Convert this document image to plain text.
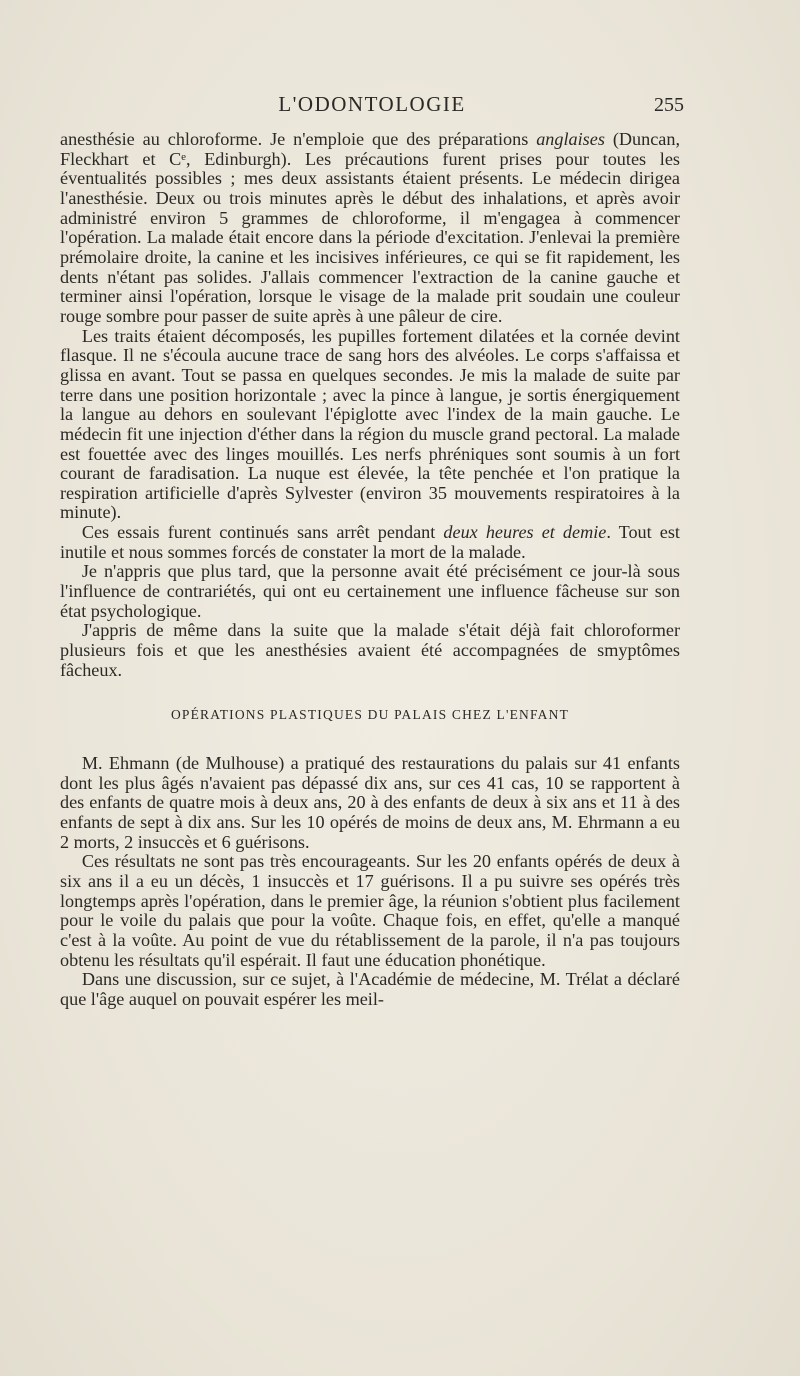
L'ODONTOLOGIE	255

anesthésie au chloroforme. Je n'emploie que des préparations anglaises (Duncan, Fleckhart et Cᵉ, Edinburgh). Les précautions furent prises pour toutes les éventualités possibles ; mes deux assistants étaient présents. Le médecin dirigea l'anesthésie. Deux ou trois minutes après le début des inhalations, et après avoir administré environ 5 grammes de chloroforme, il m'engagea à commencer l'opération. La malade était encore dans la période d'excitation. J'enlevai la première prémolaire droite, la canine et les incisives inférieures, ce qui se fit rapidement, les dents n'étant pas solides. J'allais commencer l'extraction de la canine gauche et terminer ainsi l'opération, lorsque le visage de la malade prit soudain une couleur rouge sombre pour passer de suite après à une pâleur de cire.

Les traits étaient décomposés, les pupilles fortement dilatées et la cornée devint flasque. Il ne s'écoula aucune trace de sang hors des alvéoles. Le corps s'affaissa et glissa en avant. Tout se passa en quelques secondes. Je mis la malade de suite par terre dans une position horizontale ; avec la pince à langue, je sortis énergiquement la langue au dehors en soulevant l'épiglotte avec l'index de la main gauche. Le médecin fit une injection d'éther dans la région du muscle grand pectoral. La malade est fouettée avec des linges mouillés. Les nerfs phréniques sont soumis à un fort courant de faradisation. La nuque est élevée, la tête penchée et l'on pratique la respiration artificielle d'après Sylvester (environ 35 mouvements respiratoires à la minute).

Ces essais furent continués sans arrêt pendant deux heures et demie. Tout est inutile et nous sommes forcés de constater la mort de la malade.

Je n'appris que plus tard, que la personne avait été précisément ce jour-là sous l'influence de contrariétés, qui ont eu certainement une influence fâcheuse sur son état psychologique.

J'appris de même dans la suite que la malade s'était déjà fait chloroformer plusieurs fois et que les anesthésies avaient été accompagnées de smyptômes fâcheux.

OPÉRATIONS PLASTIQUES DU PALAIS CHEZ L'ENFANT

M. Ehmann (de Mulhouse) a pratiqué des restaurations du palais sur 41 enfants dont les plus âgés n'avaient pas dépassé dix ans, sur ces 41 cas, 10 se rapportent à des enfants de quatre mois à deux ans, 20 à des enfants de deux à six ans et 11 à des enfants de sept à dix ans. Sur les 10 opérés de moins de deux ans, M. Ehrmann a eu 2 morts, 2 insuccès et 6 guérisons.

Ces résultats ne sont pas très encourageants. Sur les 20 enfants opérés de deux à six ans il a eu un décès, 1 insuccès et 17 guérisons. Il a pu suivre ses opérés très longtemps après l'opération, dans le premier âge, la réunion s'obtient plus facilement pour le voile du palais que pour la voûte. Chaque fois, en effet, qu'elle a manqué c'est à la voûte. Au point de vue du rétablissement de la parole, il n'a pas toujours obtenu les résultats qu'il espérait. Il faut une éducation phonétique.

Dans une discussion, sur ce sujet, à l'Académie de médecine, M. Trélat a déclaré que l'âge auquel on pouvait espérer les meil-
